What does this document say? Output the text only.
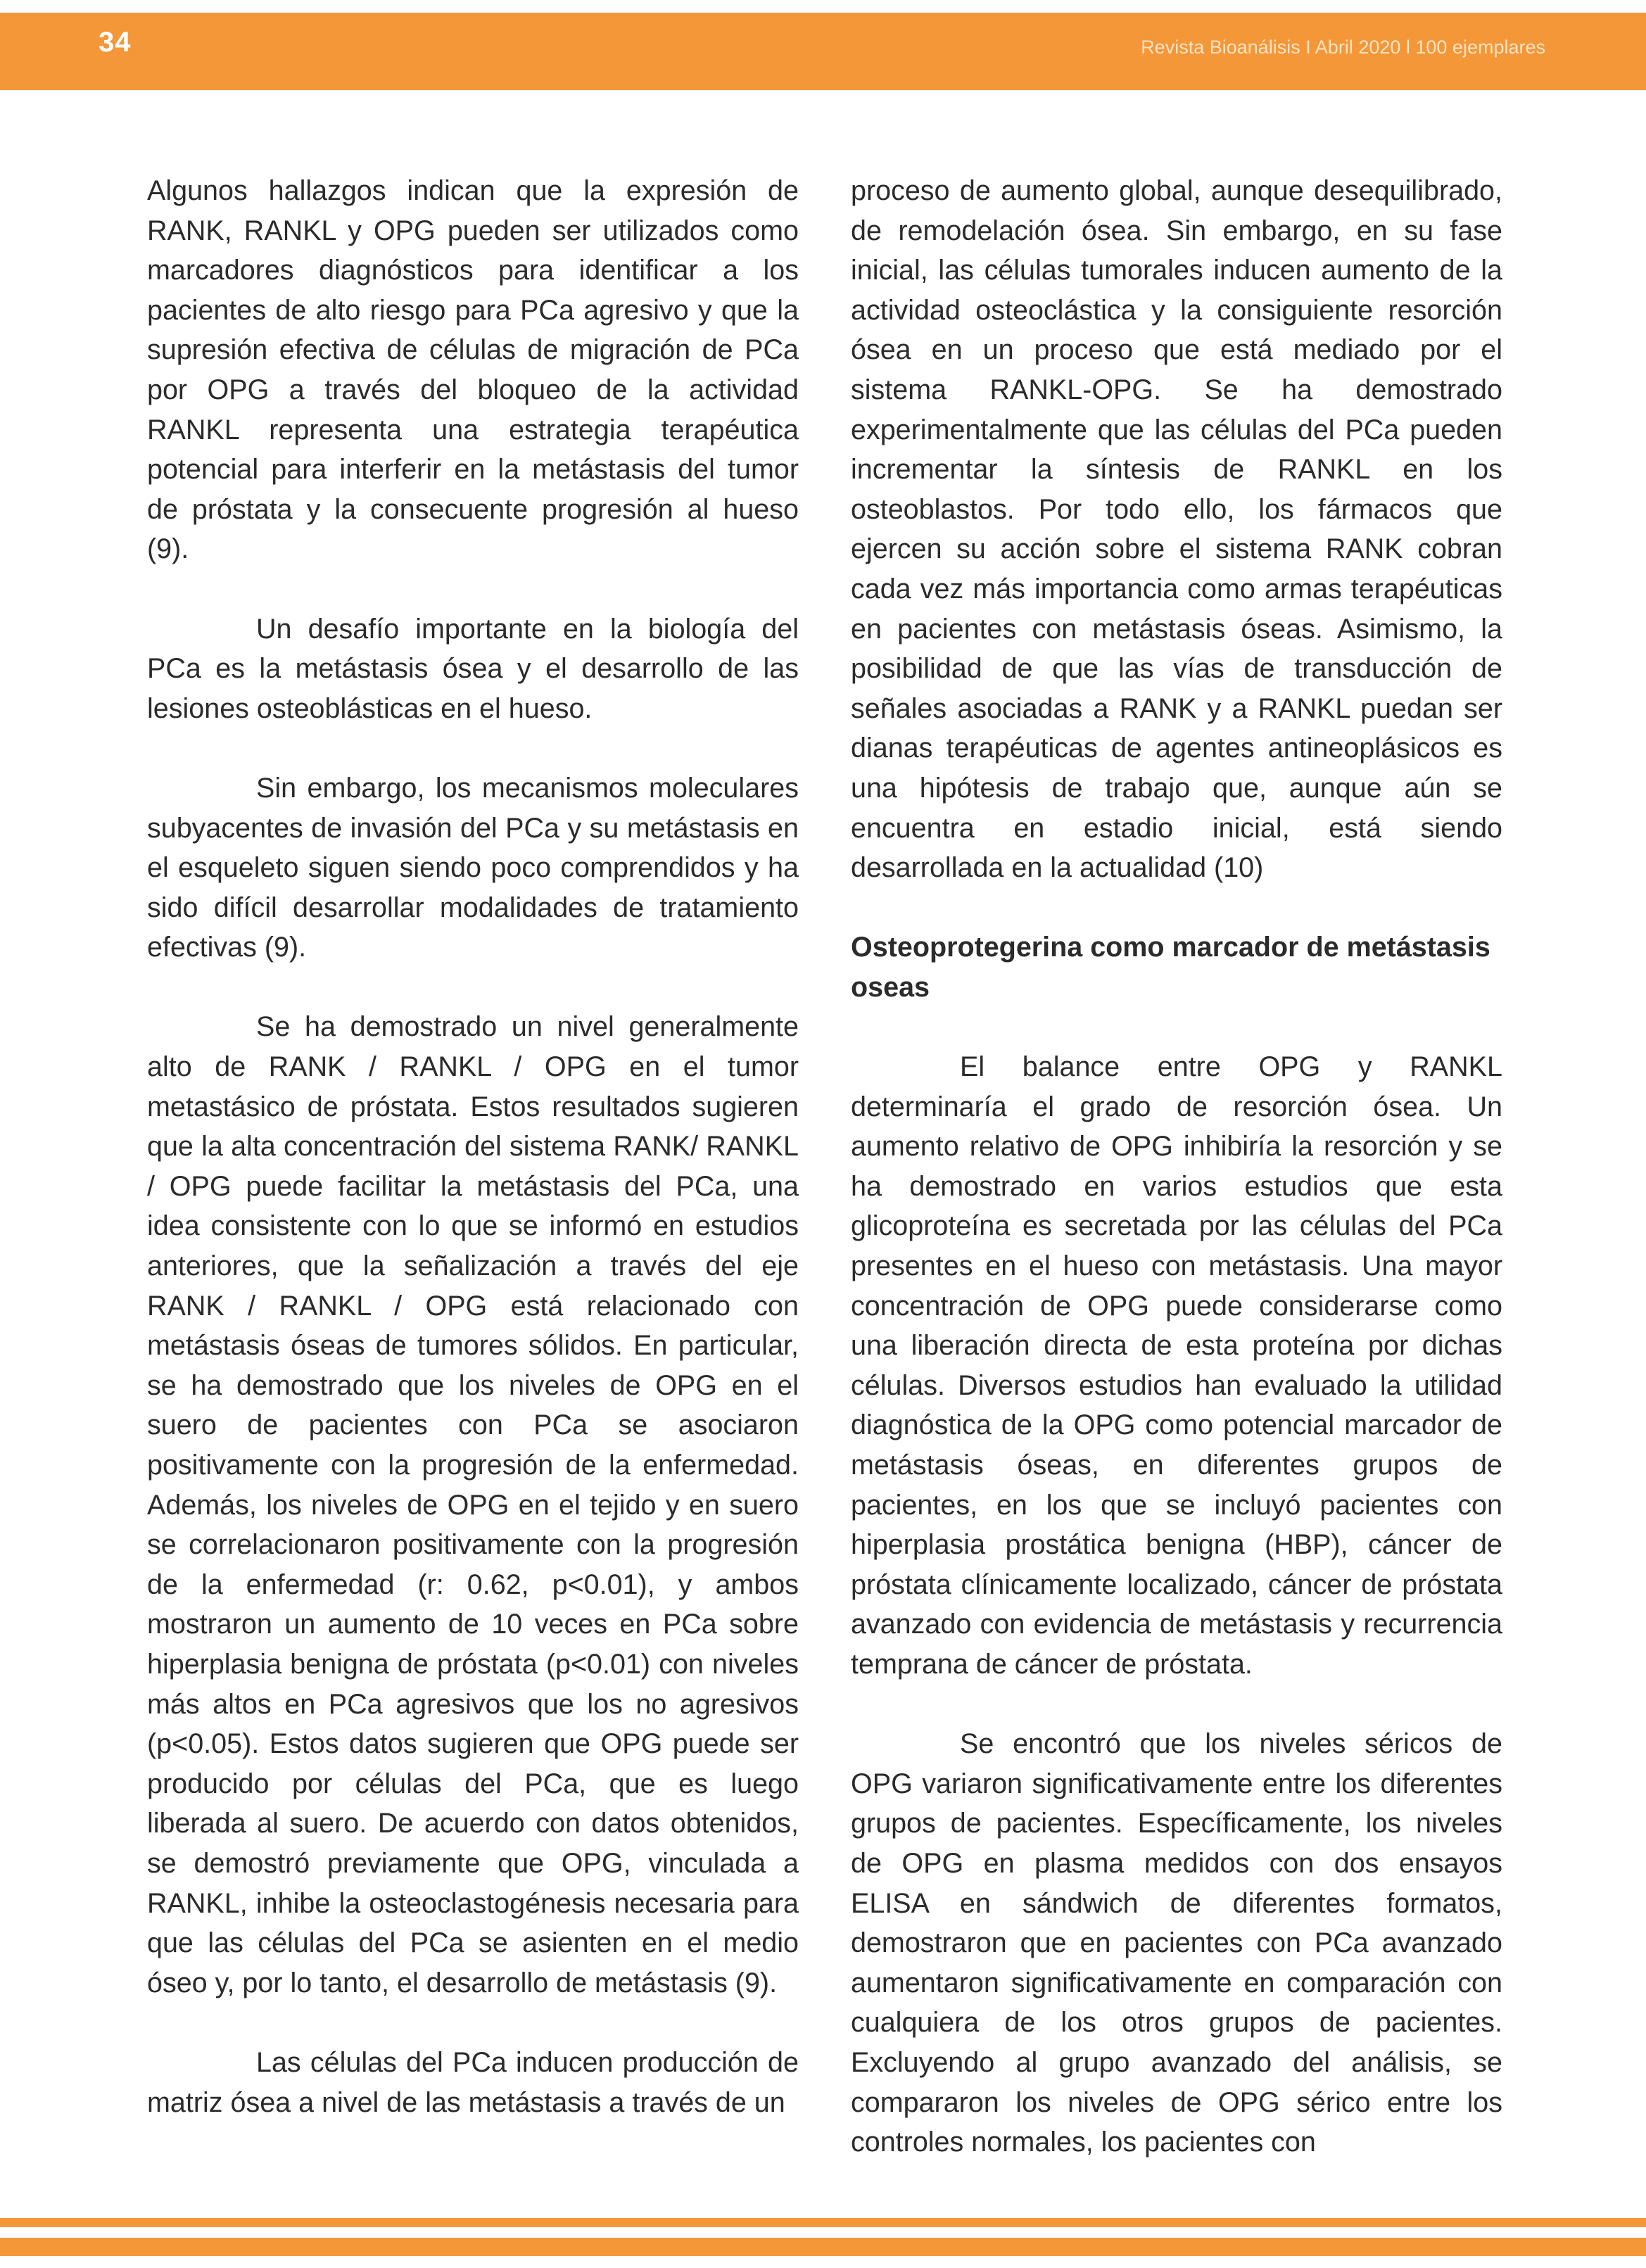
34	Revista Bioanálisis I Abril 2020 l 100 ejemplares

Algunos hallazgos indican que la expresión de RANK, RANKL y OPG pueden ser utilizados como marcadores diagnósticos para identificar a los pacientes de alto riesgo para PCa agresivo y que la supresión efectiva de células de migración de PCa por OPG a través del bloqueo de la actividad RANKL representa una estrategia terapéutica potencial para interferir en la metástasis del tumor de próstata y la consecuente progresión al hueso (9).

Un desafío importante en la biología del PCa es la metástasis ósea y el desarrollo de las lesiones osteoblásticas en el hueso.

Sin embargo, los mecanismos moleculares subyacentes de invasión del PCa y su metástasis en el esqueleto siguen siendo poco comprendidos y ha sido difícil desarrollar modalidades de tratamiento efectivas (9).

Se ha demostrado un nivel generalmente alto de RANK / RANKL / OPG en el tumor metastásico de próstata. Estos resultados sugieren que la alta concentración del sistema RANK/ RANKL / OPG puede facilitar la metástasis del PCa, una idea consistente con lo que se informó en estudios anteriores, que la señalización a través del eje RANK / RANKL / OPG está relacionado con metástasis óseas de tumores sólidos. En particular, se ha demostrado que los niveles de OPG en el suero de pacientes con PCa se asociaron positivamente con la progresión de la enfermedad. Además, los niveles de OPG en el tejido y en suero se correlacionaron positivamente con la progresión de la enfermedad (r: 0.62, p<0.01), y ambos mostraron un aumento de 10 veces en PCa sobre hiperplasia benigna de próstata (p<0.01) con niveles más altos en PCa agresivos que los no agresivos (p<0.05). Estos datos sugieren que OPG puede ser producido por células del PCa, que es luego liberada al suero. De acuerdo con datos obtenidos, se demostró previamente que OPG, vinculada a RANKL, inhibe la osteoclastogénesis necesaria para que las células del PCa se asienten en el medio óseo y, por lo tanto, el desarrollo de metástasis (9).

Las células del PCa inducen producción de matriz ósea a nivel de las metástasis a través de un

proceso de aumento global, aunque desequilibrado, de remodelación ósea. Sin embargo, en su fase inicial, las células tumorales inducen aumento de la actividad osteoclástica y la consiguiente resorción ósea en un proceso que está mediado por el sistema RANKL-OPG. Se ha demostrado experimentalmente que las células del PCa pueden incrementar la síntesis de RANKL en los osteoblastos. Por todo ello, los fármacos que ejercen su acción sobre el sistema RANK cobran cada vez más importancia como armas terapéuticas en pacientes con metástasis óseas. Asimismo, la posibilidad de que las vías de transducción de señales asociadas a RANK y a RANKL puedan ser dianas terapéuticas de agentes antineoplásicos es una hipótesis de trabajo que, aunque aún se encuentra en estadio inicial, está siendo desarrollada en la actualidad (10)

Osteoprotegerina como marcador de metástasis oseas

El balance entre OPG y RANKL determinaría el grado de resorción ósea. Un aumento relativo de OPG inhibiría la resorción y se ha demostrado en varios estudios que esta glicoproteína es secretada por las células del PCa presentes en el hueso con metástasis. Una mayor concentración de OPG puede considerarse como una liberación directa de esta proteína por dichas células. Diversos estudios han evaluado la utilidad diagnóstica de la OPG como potencial marcador de metástasis óseas, en diferentes grupos de pacientes, en los que se incluyó pacientes con hiperplasia prostática benigna (HBP), cáncer de próstata clínicamente localizado, cáncer de próstata avanzado con evidencia de metástasis y recurrencia temprana de cáncer de próstata.

Se encontró que los niveles séricos de OPG variaron significativamente entre los diferentes grupos de pacientes. Específicamente, los niveles de OPG en plasma medidos con dos ensayos ELISA en sándwich de diferentes formatos, demostraron que en pacientes con PCa avanzado aumentaron significativamente en comparación con cualquiera de los otros grupos de pacientes. Excluyendo al grupo avanzado del análisis, se compararon los niveles de OPG sérico entre los controles normales, los pacientes con
